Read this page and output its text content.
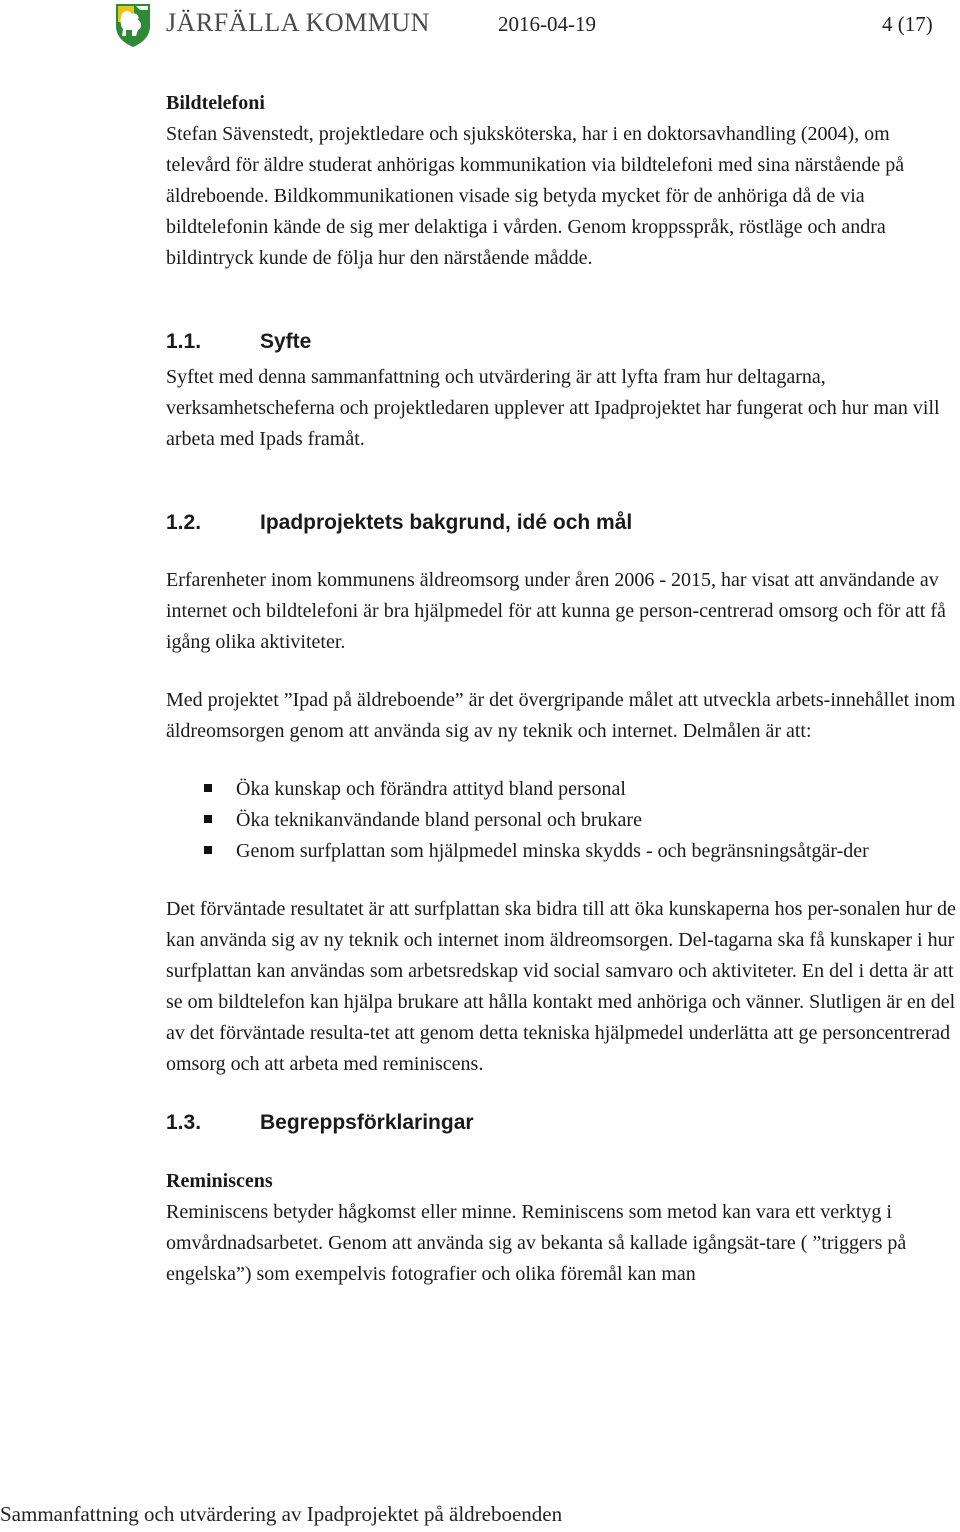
JÄRFÄLLA KOMMUN	2016-04-19	4 (17)

Bildtelefoni

Stefan Sävenstedt, projektledare och sjuksköterska, har i en doktorsavhandling (2004), om televård för äldre studerat anhörigas kommunikation via bildtelefoni med sina närstående på äldreboende. Bildkommunikationen visade sig betyda mycket för de anhöriga då de via bildtelefonin kände de sig mer delaktiga i vården. Genom kroppsspråk, röstläge och andra bildintryck kunde de följa hur den närstående mådde.

1.1.	Syfte

Syftet med denna sammanfattning och utvärdering är att lyfta fram hur deltagarna, verksamhetscheferna och projektledaren upplever att Ipadprojektet har fungerat och hur man vill arbeta med Ipads framåt.

1.2.	Ipadprojektets bakgrund, idé och mål

Erfarenheter inom kommunens äldreomsorg under åren 2006 - 2015, har visat att användande av internet och bildtelefoni är bra hjälpmedel för att kunna ge person-centrerad omsorg och för att få igång olika aktiviteter.

Med projektet ”Ipad på äldreboende” är det övergripande målet att utveckla arbets-innehållet inom äldreomsorgen genom att använda sig av ny teknik och internet. Delmålen är att:

Öka kunskap och förändra attityd bland personal
Öka teknikanvändande bland personal och brukare
Genom surfplattan som hjälpmedel minska skydds - och begränsningsåtgär-der

Det förväntade resultatet är att surfplattan ska bidra till att öka kunskaperna hos per-sonalen hur de kan använda sig av ny teknik och internet inom äldreomsorgen. Del-tagarna ska få kunskaper i hur surfplattan kan användas som arbetsredskap vid social samvaro och aktiviteter. En del i detta är att se om bildtelefon kan hjälpa brukare att hålla kontakt med anhöriga och vänner. Slutligen är en del av det förväntade resulta-tet att genom detta tekniska hjälpmedel underlätta att ge personcentrerad omsorg och att arbeta med reminiscens.

1.3.	Begreppsförklaringar

Reminiscens

Reminiscens betyder hågkomst eller minne. Reminiscens som metod kan vara ett verktyg i omvårdnadsarbetet. Genom att använda sig av bekanta så kallade igångsät-tare ( ”triggers på engelska”) som exempelvis fotografier och olika föremål kan man

Sammanfattning och utvärdering av Ipadprojektet på äldreboenden
